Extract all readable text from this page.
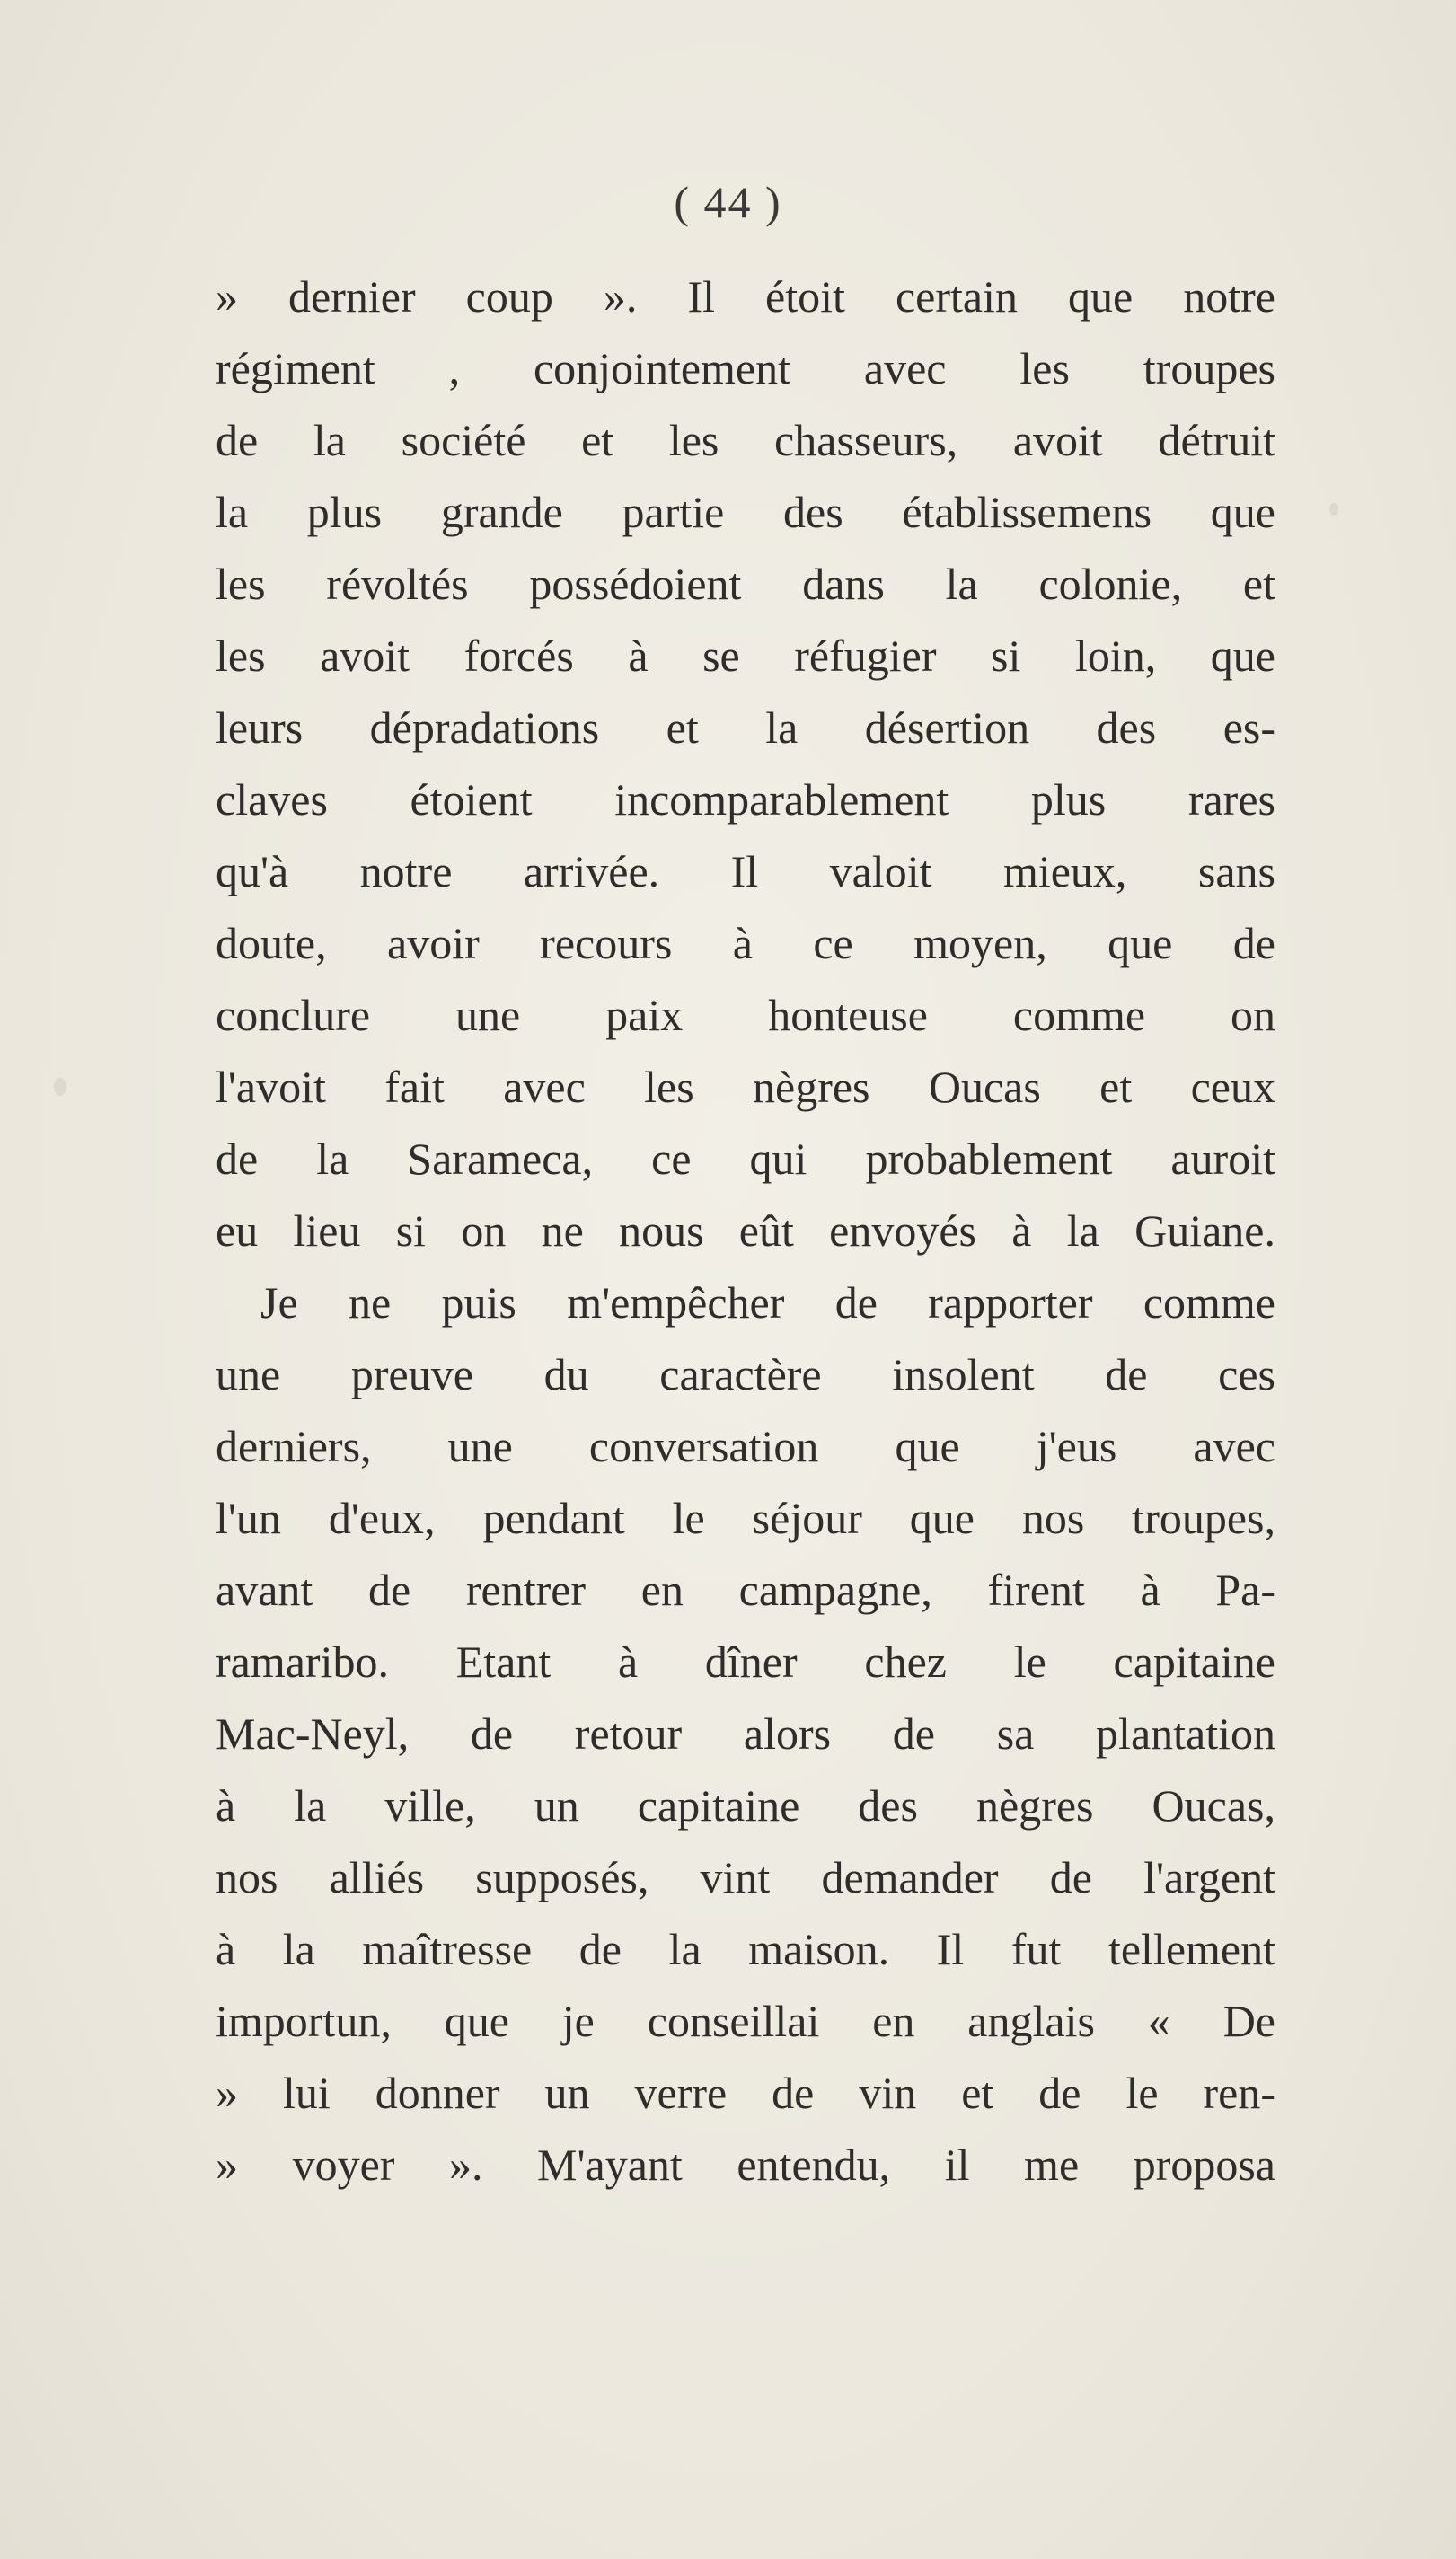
( 44 )
» dernier coup ». Il étoit certain que notre
régiment , conjointement avec les troupes
de la société et les chasseurs, avoit détruit
la plus grande partie des établissemens que
les révoltés possédoient dans la colonie, et
les avoit forcés à se réfugier si loin, que
leurs dépradations et la désertion des es-
claves étoient incomparablement plus rares
qu'à notre arrivée. Il valoit mieux, sans
doute, avoir recours à ce moyen, que de
conclure une paix honteuse comme on
l'avoit fait avec les nègres Oucas et ceux
de la Sarameca, ce qui probablement auroit
eu lieu si on ne nous eût envoyés à la Guiane.
Je ne puis m'empêcher de rapporter comme
une preuve du caractère insolent de ces
derniers, une conversation que j'eus avec
l'un d'eux, pendant le séjour que nos troupes,
avant de rentrer en campagne, firent à Pa-
ramaribo. Etant à dîner chez le capitaine
Mac-Neyl, de retour alors de sa plantation
à la ville, un capitaine des nègres Oucas,
nos alliés supposés, vint demander de l'argent
à la maîtresse de la maison. Il fut tellement
importun, que je conseillai en anglais « De
» lui donner un verre de vin et de le ren-
» voyer ». M'ayant entendu, il me proposa
